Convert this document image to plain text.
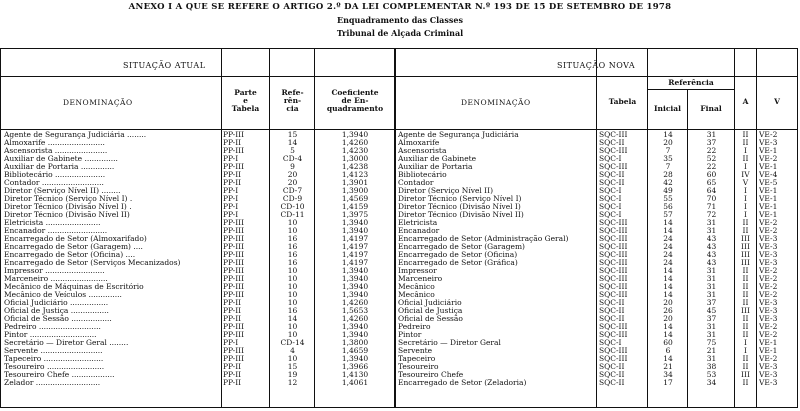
ANEXO I A QUE SE REFERE O ARTIGO 2.º DA LEI COMPLEMENTAR N.º 193 DE 15 DE SETEMBRO DE 1978
Enquadramento das Classes
Tribunal de Alçada Criminal
SITUAÇÃO ATUAL	SITUAÇÃO NOVA
DENOMINAÇÃO
Parte
e
Tabela
Refe-
rên-
cia
Coeficiente
de En-
quadramento
DENOMINAÇÃO	Tabela
Referência
Inicial	Final
A	V
Agente de Segurança Judiciária ........	PP-III	15	1,3940	Agente de Segurança Judiciária	SQC-III	14	31	II	VE-2
Almoxarife ........................	PP-II	14	1,4260	Almoxarife	SQC-II	20	37	II	VE-3
Ascensorista ......................	PP-III	5	1,4230	Ascensorista	SQC-III	7	22	I	VE-1
Auxiliar de Gabinete ..............	PP-I	CD-4	1,3000	Auxiliar de Gabinete	SQC-I	35	52	II	VE-2
Auxiliar de Portaria ..............	PP-III	9	1,4238	Auxiliar de Portaria	SQC-III	7	22	I	VE-1
Bibliotecário .....................	PP-II	20	1,4123	Bibliotecário	SQC-II	28	60	IV	VE-4
Contador ..........................	PP-II	20	1,3901	Contador	SQC-II	42	65	V	VE-5
Diretor (Serviço Nível II) ........	PP-I	CD-7	1,3900	Diretor (Serviço Nível II)	SQC-I	49	64	I	VE-1
Diretor Técnico (Serviço Nível I) .	PP-I	CD-9	1,4569	Diretor Técnico (Serviço Nível I)	SQC-I	55	70	I	VE-1
Diretor Técnico (Divisão Nível I) .	PP-I	CD-10	1,4159	Diretor Técnico (Divisão Nível I)	SQC-I	56	71	I	VE-1
Diretor Técnico (Divisão Nível II)	PP-I	CD-11	1,3975	Diretor Técnico (Divisão Nível II)	SQC-I	57	72	I	VE-1
Eletricista .......................	PP-III	10	1,3940	Eletricista	SQC-III	14	31	II	VE-2
Encanador .........................	PP-III	10	1,3940	Encanador	SQC-III	14	31	II	VE-2
Encarregado de Setor (Almoxarifado)	PP-III	16	1,4197	Encarregado de Setor (Administração Geral)	SQC-III	24	43	III	VE-3
Encarregado de Setor (Garagem) ....	PP-III	16	1,4197	Encarregado de Setor (Garagem)	SQC-III	24	43	III	VE-3
Encarregado de Setor (Oficina) ....	PP-III	16	1,4197	Encarregado de Setor (Oficina)	SQC-III	24	43	III	VE-3
Encarregado de Setor (Serviços Mecanizados)	PP-III	16	1,4197	Encarregado de Setor (Gráfica)	SQC-III	24	43	III	VE-3
Impressor .........................	PP-III	10	1,3940	Impressor	SQC-III	14	31	II	VE-2
Marceneiro ........................	PP-III	10	1,3940	Marceneiro	SQC-III	14	31	II	VE-2
Mecânico de Máquinas de Escritório	PP-III	10	1,3940	Mecânico	SQC-III	14	31	II	VE-2
Mecânico de Veículos ..............	PP-III	10	1,3940	Mecânico	SQC-III	14	31	II	VE-2
Oficial Judiciário ................	PP-II	10	1,4260	Oficial Judiciário	SQC-II	20	37	II	VE-3
Oficial de Justiça ................	PP-II	16	1,5653	Oficial de Justiça	SQC-II	26	45	III	VE-3
Oficial de Sessão .................	PP-II	14	1,4260	Oficial de Sessão	SQC-II	20	37	II	VE-3
Pedreiro ..........................	PP-III	10	1,3940	Pedreiro	SQC-III	14	31	II	VE-2
Pintor ............................	PP-III	10	1,3940	Pintor	SQC-III	14	31	II	VE-2
Secretário — Diretor Geral ........	PP-I	CD-14	1,3800	Secretário — Diretor Geral	SQC-I	60	75	I	VE-1
Servente ..........................	PP-III	4	1,4659	Servente	SQC-III	6	21	I	VE-1
Tapeceiro .........................	PP-III	10	1,3940	Tapeceiro	SQC-III	14	31	II	VE-2
Tesoureiro ........................	PP-II	15	1,3966	Tesoureiro	SQC-II	21	38	II	VE-3
Tesoureiro Chefe ..................	PP-II	19	1,4130	Tesoureiro Chefe	SQC-II	34	53	III	VE-3
Zelador ...........................	PP-II	12	1,4061	Encarregado de Setor (Zeladoria)	SQC-II	17	34	II	VE-3
